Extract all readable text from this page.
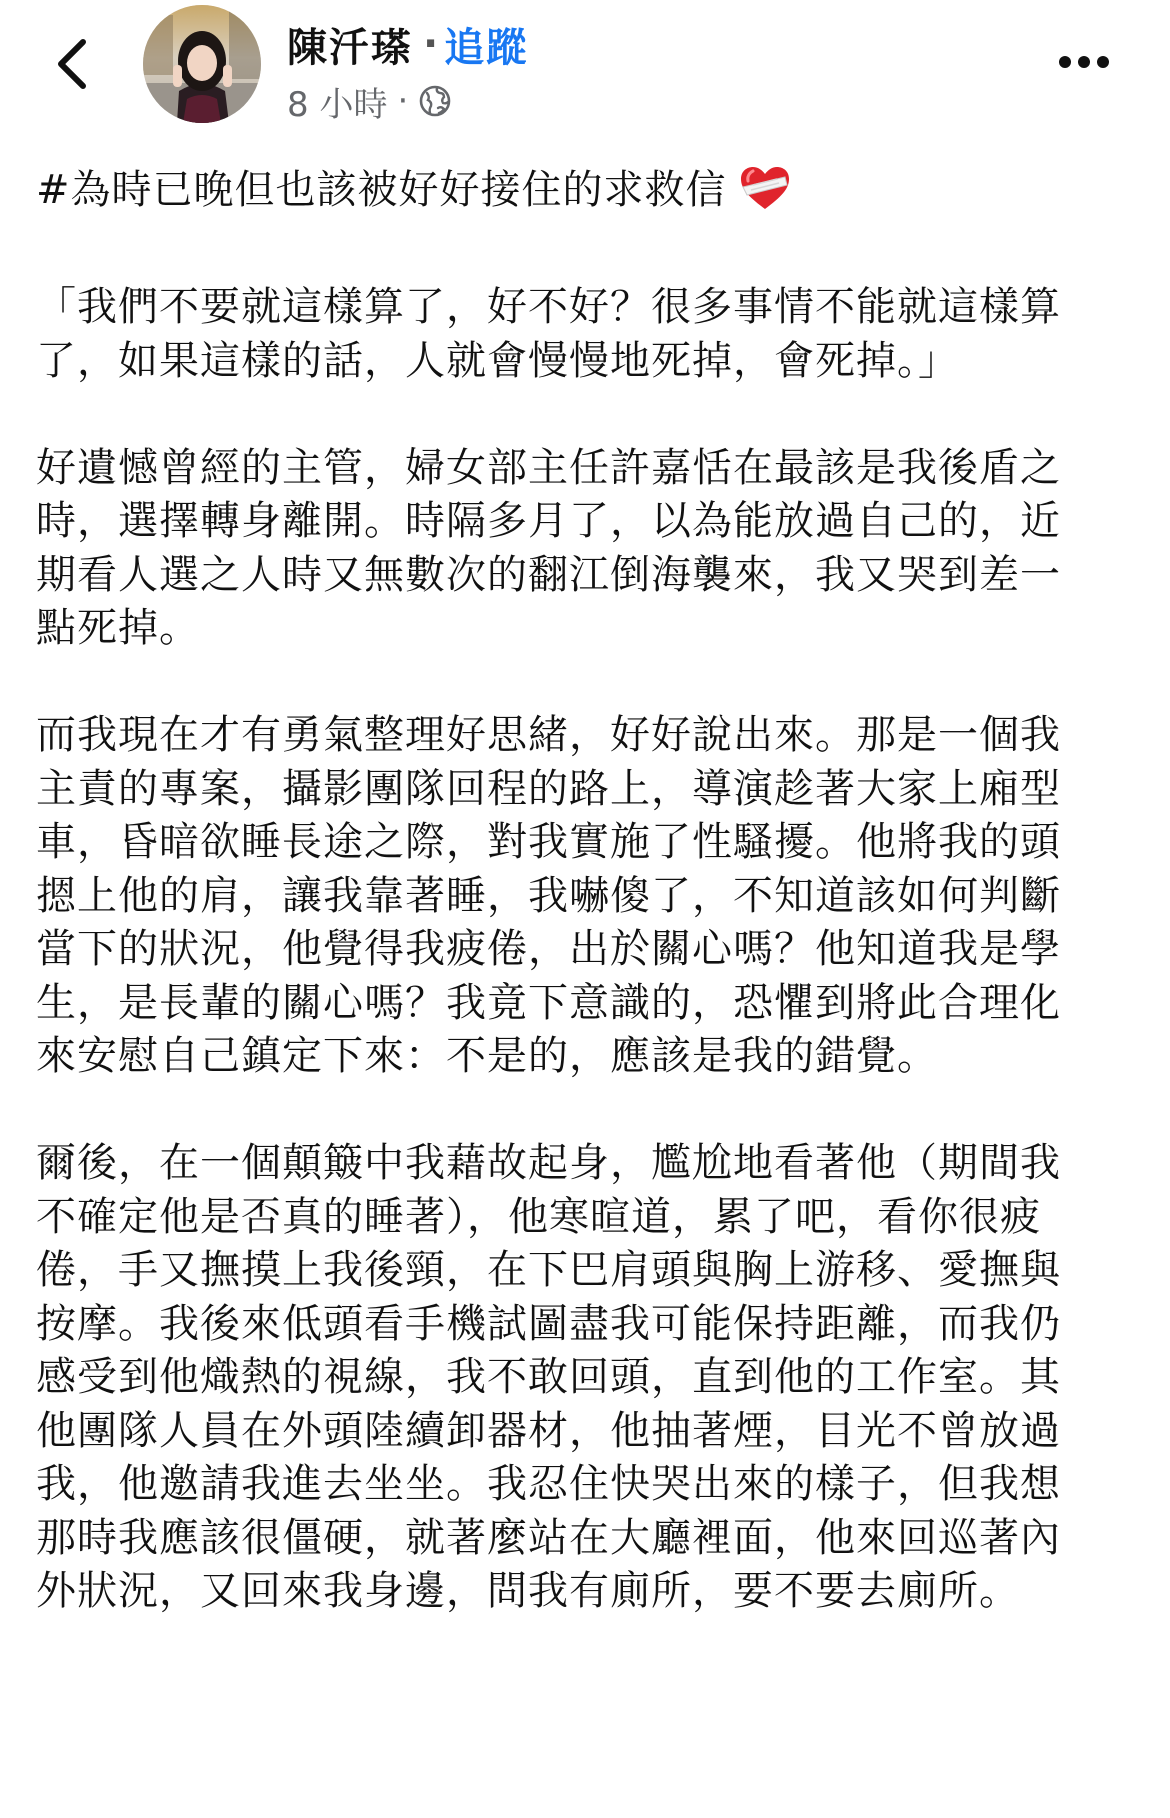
陳汘瑹 · 追蹤
8 小時 ·

#為時已晚但也該被好好接住的求救信

「我們不要就這樣算了，好不好？很多事情不能就這樣算了，如果這樣的話，人就會慢慢地死掉，會死掉。」

好遺憾曾經的主管，婦女部主任許嘉恬在最該是我後盾之時，選擇轉身離開。時隔多月了，以為能放過自己的，近期看人選之人時又無數次的翻江倒海襲來，我又哭到差一點死掉。

而我現在才有勇氣整理好思緒，好好說出來。那是一個我主責的專案，攝影團隊回程的路上，導演趁著大家上廂型車，昏暗欲睡長途之際，對我實施了性騷擾。他將我的頭摁上他的肩，讓我靠著睡，我嚇傻了，不知道該如何判斷當下的狀況，他覺得我疲倦，出於關心嗎？他知道我是學生，是長輩的關心嗎？我竟下意識的，恐懼到將此合理化來安慰自己鎮定下來：不是的，應該是我的錯覺。

爾後，在一個顛簸中我藉故起身，尷尬地看著他（期間我不確定他是否真的睡著），他寒暄道，累了吧，看你很疲倦，手又撫摸上我後頸，在下巴肩頭與胸上游移、愛撫與按摩。我後來低頭看手機試圖盡我可能保持距離，而我仍感受到他熾熱的視線，我不敢回頭，直到他的工作室。其他團隊人員在外頭陸續卸器材，他抽著煙，目光不曾放過我，他邀請我進去坐坐。我忍住快哭出來的樣子，但我想那時我應該很僵硬，就著麼站在大廳裡面，他來回巡著內外狀況，又回來我身邊，問我有廁所，要不要去廁所。
